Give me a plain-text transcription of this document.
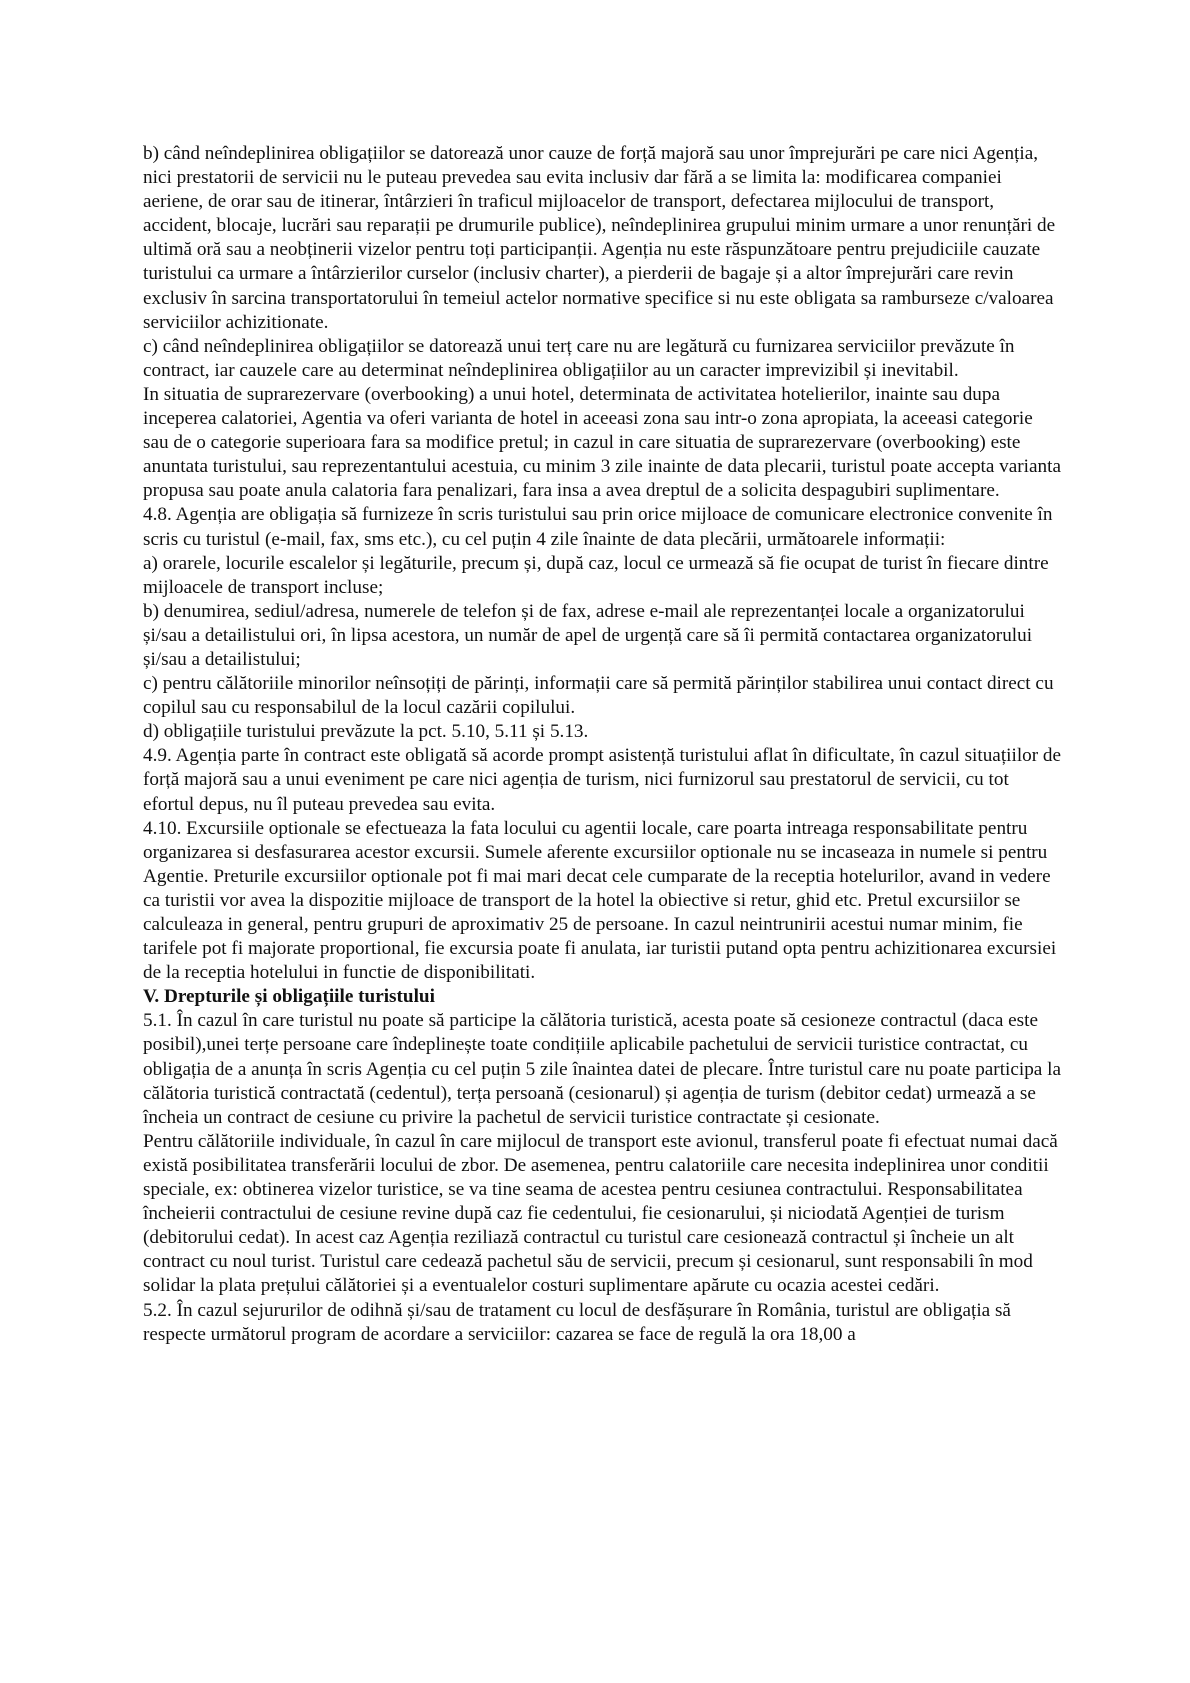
b) când neîndeplinirea obligațiilor se datorează unor cauze de forță majoră sau unor împrejurări pe care nici Agenția, nici prestatorii de servicii nu le puteau prevedea sau evita inclusiv dar fără a se limita la: modificarea companiei aeriene, de orar sau de itinerar, întârzieri în traficul mijloacelor de transport, defectarea mijlocului de transport, accident, blocaje, lucrări sau reparații pe drumurile publice), neîndeplinirea grupului minim urmare a unor renunțări de ultimă oră sau a neobținerii vizelor pentru toți participanții. Agenția nu este răspunzătoare pentru prejudiciile cauzate turistului ca urmare a întârzierilor curselor (inclusiv charter), a pierderii de bagaje și a altor împrejurări care revin exclusiv în sarcina transportatorului în temeiul actelor normative specifice si nu este obligata sa ramburseze c/valoarea serviciilor achizitionate.

c) când neîndeplinirea obligațiilor se datorează unui terț care nu are legătură cu furnizarea serviciilor prevăzute în contract, iar cauzele care au determinat neîndeplinirea obligațiilor au un caracter imprevizibil și inevitabil.

In situatia de suprarezervare (overbooking) a unui hotel, determinata de activitatea hotelierilor, inainte sau dupa inceperea calatoriei, Agentia va oferi varianta de hotel in aceeasi zona sau intr-o zona apropiata, la aceeasi categorie sau de o categorie superioara fara sa modifice pretul; in cazul in care situatia de suprarezervare (overbooking) este anuntata turistului, sau reprezentantului acestuia, cu minim 3 zile inainte de data plecarii, turistul poate accepta varianta propusa sau poate anula calatoria fara penalizari, fara insa a avea dreptul de a solicita despagubiri suplimentare.

4.8. Agenția are obligația să furnizeze în scris turistului sau prin orice mijloace de comunicare electronice convenite în scris cu turistul (e-mail, fax, sms etc.), cu cel puțin 4 zile înainte de data plecării, următoarele informații:

a) orarele, locurile escalelor și legăturile, precum și, după caz, locul ce urmează să fie ocupat de turist în fiecare dintre mijloacele de transport incluse;

b) denumirea, sediul/adresa, numerele de telefon și de fax, adrese e-mail ale reprezentanței locale a organizatorului și/sau a detailistului ori, în lipsa acestora, un număr de apel de urgență care să îi permită contactarea organizatorului și/sau a detailistului;

c) pentru călătoriile minorilor neînsoțiți de părinți, informații care să permită părinților stabilirea unui contact direct cu copilul sau cu responsabilul de la locul cazării copilului.

d) obligațiile turistului prevăzute la pct. 5.10, 5.11 și 5.13.

4.9. Agenția parte în contract este obligată să acorde prompt asistență turistului aflat în dificultate, în cazul situațiilor de forță majoră sau a unui eveniment pe care nici agenția de turism, nici furnizorul sau prestatorul de servicii, cu tot efortul depus, nu îl puteau prevedea sau evita.

4.10. Excursiile optionale se efectueaza la fata locului cu agentii locale, care poarta intreaga responsabilitate pentru organizarea si desfasurarea acestor excursii. Sumele aferente excursiilor optionale nu se incaseaza in numele si pentru Agentie. Preturile excursiilor optionale pot fi mai mari decat cele cumparate de la receptia hotelurilor, avand in vedere ca turistii vor avea la dispozitie mijloace de transport de la hotel la obiective si retur, ghid etc. Pretul excursiilor se calculeaza in general, pentru grupuri de aproximativ 25 de persoane. In cazul neintrunirii acestui numar minim, fie tarifele pot fi majorate proportional, fie excursia poate fi anulata, iar turistii putand opta pentru achizitionarea excursiei de la receptia hotelului in functie de disponibilitati.

V. Drepturile și obligațiile turistului

5.1. În cazul în care turistul nu poate să participe la călătoria turistică, acesta poate să cesioneze contractul (daca este posibil),unei terțe persoane care îndeplinește toate condițiile aplicabile pachetului de servicii turistice contractat, cu obligația de a anunța în scris Agenția cu cel puțin 5 zile înaintea datei de plecare. Între turistul care nu poate participa la călătoria turistică contractată (cedentul), terța persoană (cesionarul) și agenția de turism (debitor cedat) urmează a se încheia un contract de cesiune cu privire la pachetul de servicii turistice contractate și cesionate.

Pentru călătoriile individuale, în cazul în care mijlocul de transport este avionul, transferul poate fi efectuat numai dacă există posibilitatea transferării locului de zbor. De asemenea, pentru calatoriile care necesita indeplinirea unor conditii speciale, ex: obtinerea vizelor turistice, se va tine seama de acestea pentru cesiunea contractului. Responsabilitatea încheierii contractului de cesiune revine după caz fie cedentului, fie cesionarului, și niciodată Agenției de turism (debitorului cedat). In acest caz Agenția reziliază contractul cu turistul care cesionează contractul și încheie un alt contract cu noul turist. Turistul care cedează pachetul său de servicii, precum și cesionarul, sunt responsabili în mod solidar la plata prețului călătoriei și a eventualelor costuri suplimentare apărute cu ocazia acestei cedări.

5.2. În cazul sejururilor de odihnă și/sau de tratament cu locul de desfășurare în România, turistul are obligația să respecte următorul program de acordare a serviciilor: cazarea se face de regulă la ora 18,00 a
